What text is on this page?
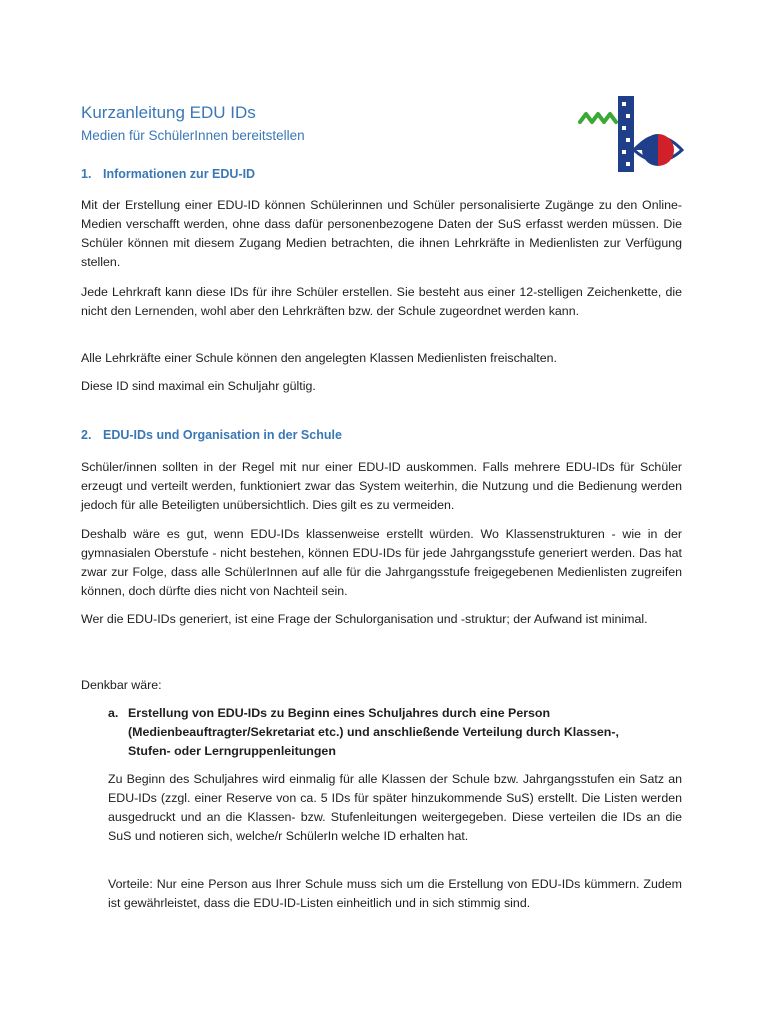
Kurzanleitung EDU IDs

Medien für SchülerInnen bereitstellen

1. Informationen zur EDU-ID

Mit der Erstellung einer EDU-ID können Schülerinnen und Schüler personalisierte Zugänge zu den Online-Medien verschafft werden, ohne dass dafür personenbezogene Daten der SuS erfasst werden müssen. Die Schüler können mit diesem Zugang Medien betrachten, die ihnen Lehrkräfte in Medienlisten zur Verfügung stellen.

Jede Lehrkraft kann diese IDs für ihre Schüler erstellen. Sie besteht aus einer 12-stelligen Zeichenkette, die nicht den Lernenden, wohl aber den Lehrkräften bzw. der Schule zugeordnet werden kann.

Alle Lehrkräfte einer Schule können den angelegten Klassen Medienlisten freischalten.

Diese ID sind maximal ein Schuljahr gültig.

2. EDU-IDs und Organisation in der Schule

Schüler/innen sollten in der Regel mit nur einer EDU-ID auskommen. Falls mehrere EDU-IDs für Schüler erzeugt und verteilt werden, funktioniert zwar das System weiterhin, die Nutzung und die Bedienung werden jedoch für alle Beteiligten unübersichtlich. Dies gilt es zu vermeiden.

Deshalb wäre es gut, wenn EDU-IDs klassenweise erstellt würden. Wo Klassenstrukturen - wie in der gymnasialen Oberstufe - nicht bestehen, können EDU-IDs für jede Jahrgangsstufe generiert werden. Das hat zwar zur Folge, dass alle SchülerInnen auf alle für die Jahrgangsstufe freigegebenen Medienlisten zugreifen können, doch dürfte dies nicht von Nachteil sein.

Wer die EDU-IDs generiert, ist eine Frage der Schulorganisation und -struktur; der Aufwand ist minimal.

Denkbar wäre:

a. Erstellung von EDU-IDs zu Beginn eines Schuljahres durch eine Person
(Medienbeauftragter/Sekretariat etc.) und anschließende Verteilung durch Klassen-,
Stufen- oder Lerngruppenleitungen

Zu Beginn des Schuljahres wird einmalig für alle Klassen der Schule bzw. Jahrgangsstufen ein Satz an EDU-IDs (zzgl. einer Reserve von ca. 5 IDs für später hinzukommende SuS) erstellt. Die Listen werden ausgedruckt und an die Klassen- bzw. Stufenleitungen weitergegeben. Diese verteilen die IDs an die SuS und notieren sich, welche/r SchülerIn welche ID erhalten hat.

Vorteile: Nur eine Person aus Ihrer Schule muss sich um die Erstellung von EDU-IDs kümmern. Zudem ist gewährleistet, dass die EDU-ID-Listen einheitlich und in sich stimmig sind.
